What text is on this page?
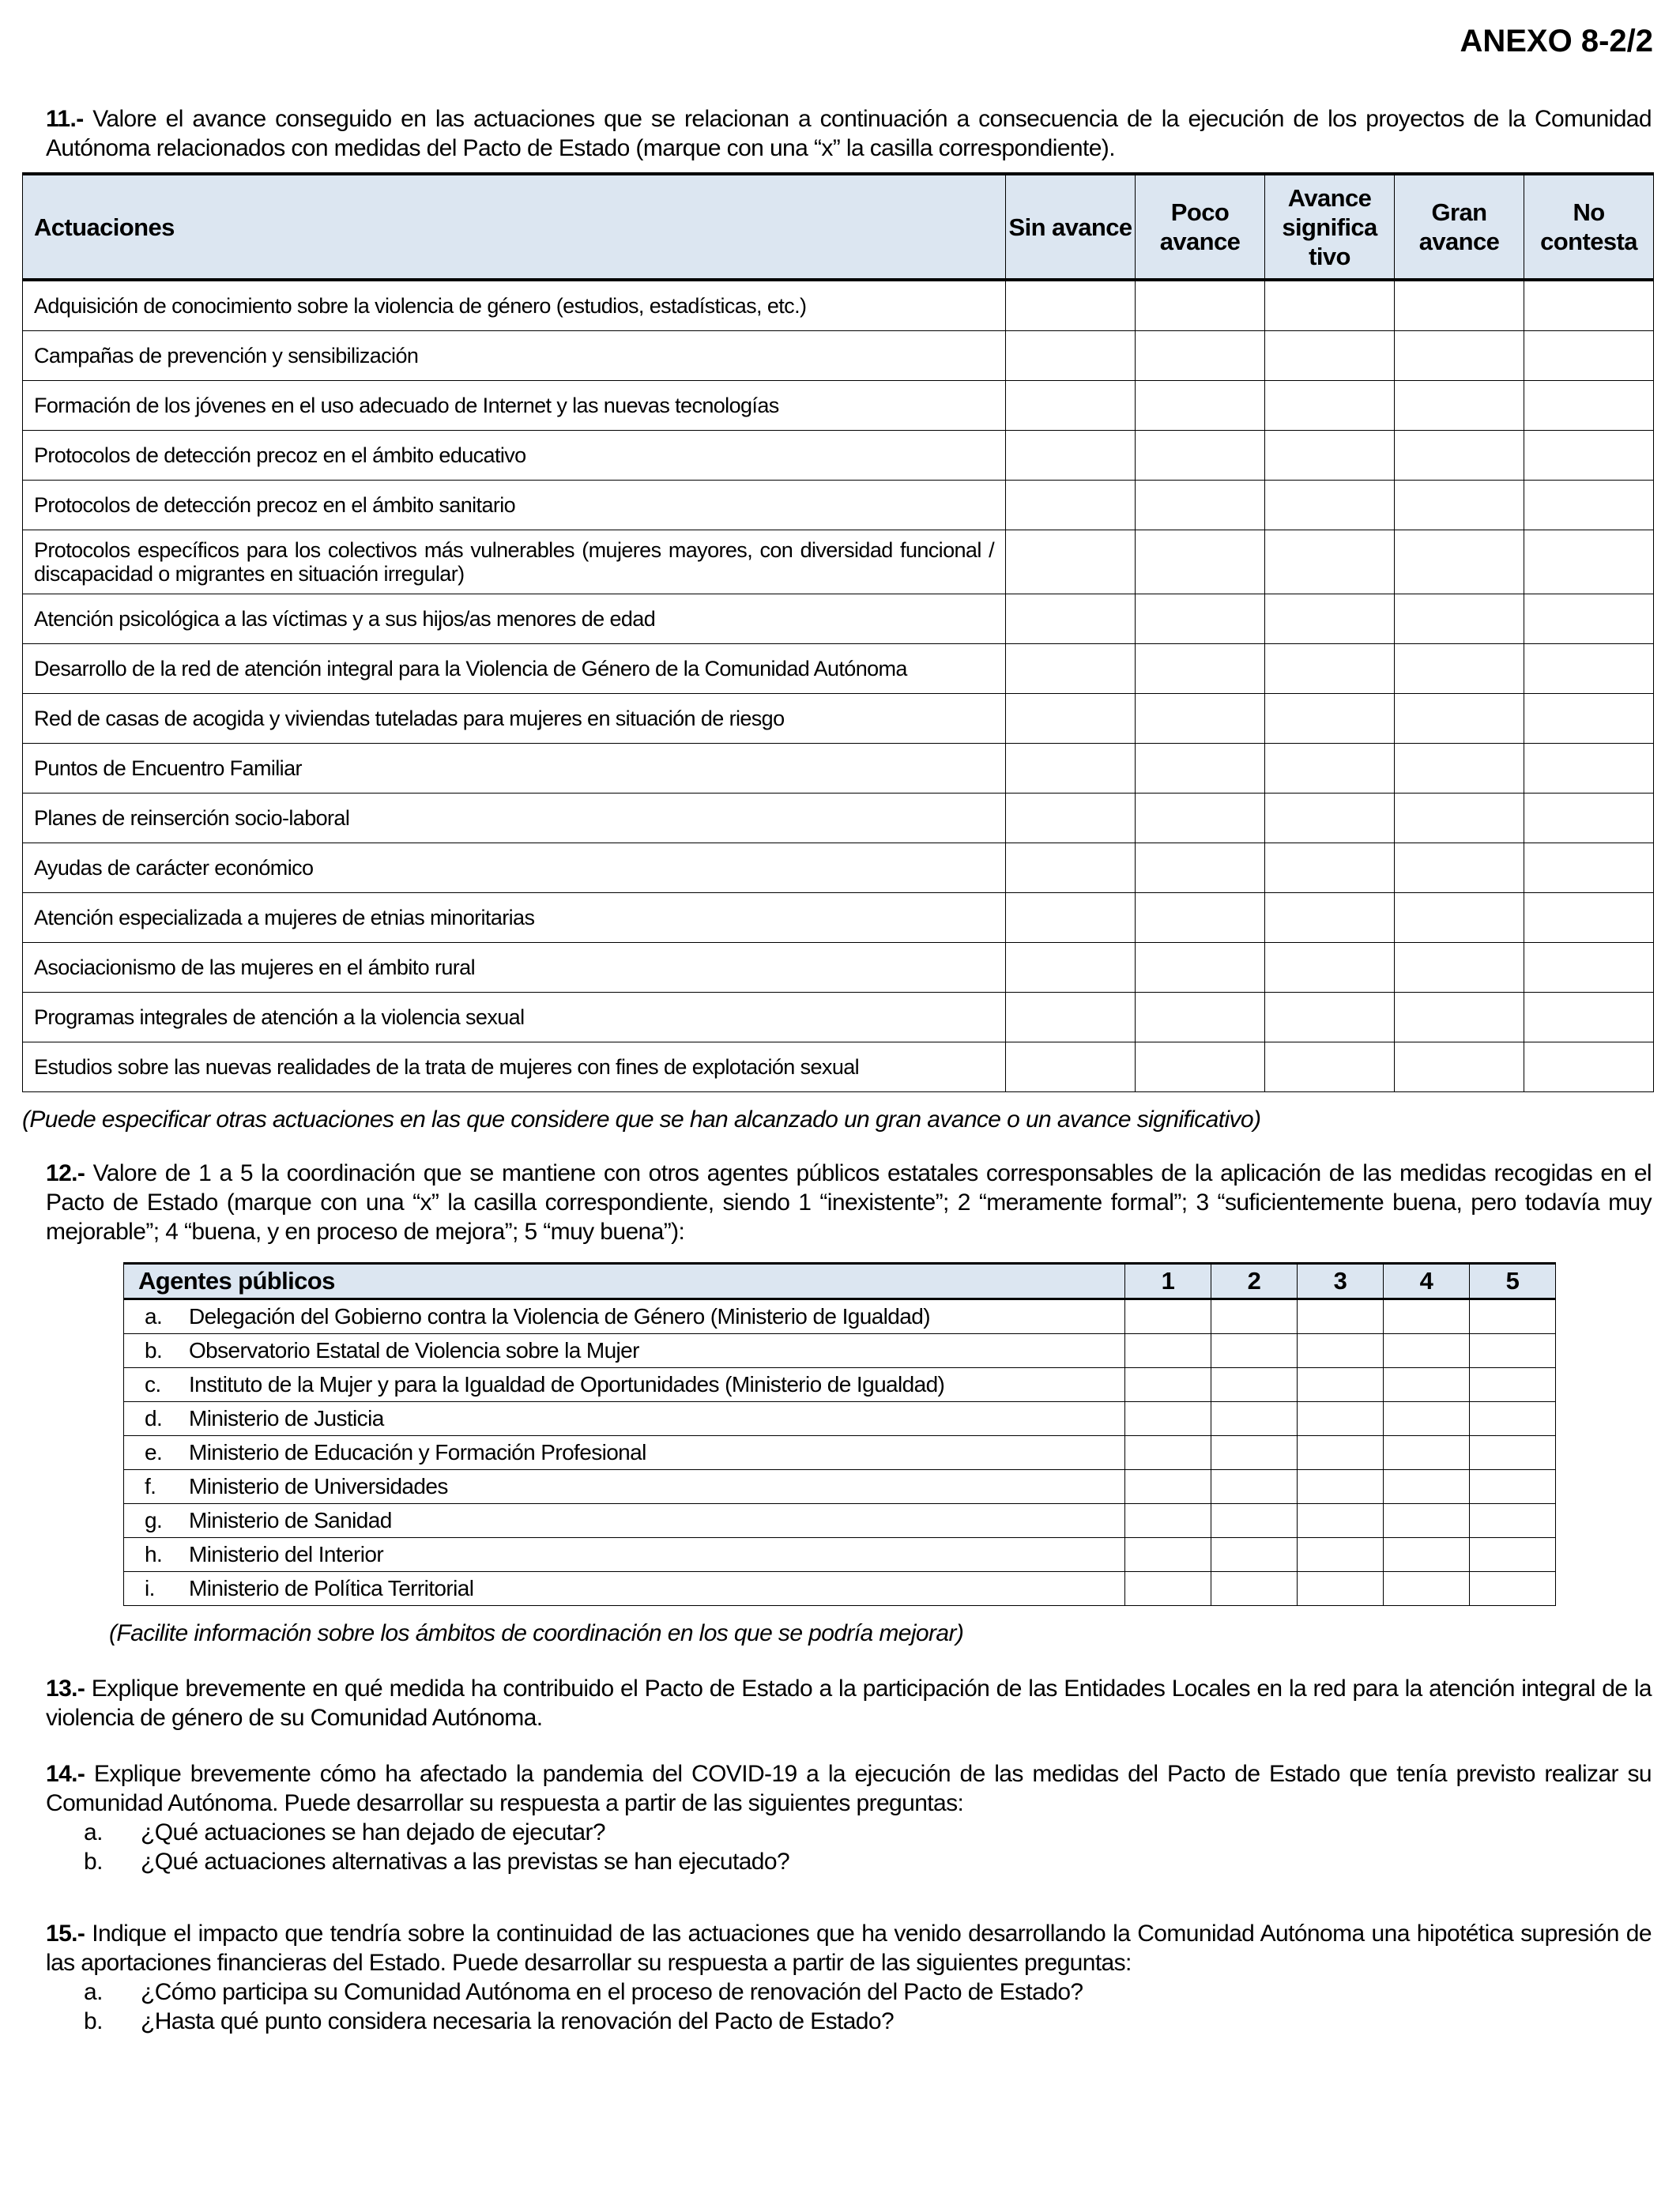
ANEXO 8-2/2
11.- Valore el avance conseguido en las actuaciones que se relacionan a continuación a consecuencia de la ejecución de los proyectos de la Comunidad Autónoma relacionados con medidas del Pacto de Estado (marque con una “x” la casilla correspondiente).
Actuaciones	Sin avance	Poco avance	Avance significa tivo	Gran avance	No contesta
Adquisición de conocimiento sobre la violencia de género (estudios, estadísticas, etc.)					
Campañas de prevención y sensibilización					
Formación de los jóvenes en el uso adecuado de Internet y las nuevas tecnologías					
Protocolos de detección precoz en el ámbito educativo					
Protocolos de detección precoz en el ámbito sanitario					
Protocolos específicos para los colectivos más vulnerables (mujeres mayores, con diversidad funcional / discapacidad o migrantes en situación irregular)					
Atención psicológica a las víctimas y a sus hijos/as menores de edad					
Desarrollo de la red de atención integral para la Violencia de Género de la Comunidad Autónoma					
Red de casas de acogida y viviendas tuteladas para mujeres en situación de riesgo					
Puntos de Encuentro Familiar					
Planes de reinserción socio-laboral					
Ayudas de carácter económico					
Atención especializada a mujeres de etnias minoritarias					
Asociacionismo de las mujeres en el ámbito rural					
Programas integrales de atención a la violencia sexual					
Estudios sobre las nuevas realidades de la trata de mujeres con fines de explotación sexual					
(Puede especificar otras actuaciones en las que considere que se han alcanzado un gran avance o un avance significativo)
12.- Valore de 1 a 5 la coordinación que se mantiene con otros agentes públicos estatales corresponsables de la aplicación de las medidas recogidas en el Pacto de Estado (marque con una “x” la casilla correspondiente, siendo 1 “inexistente”; 2 “meramente formal”; 3 “suficientemente buena, pero todavía muy mejorable”; 4 “buena, y en proceso de mejora”; 5 “muy buena”):
Agentes públicos	1	2	3	4	5
a. Delegación del Gobierno contra la Violencia de Género (Ministerio de Igualdad)					
b. Observatorio Estatal de Violencia sobre la Mujer					
c. Instituto de la Mujer y para la Igualdad de Oportunidades (Ministerio de Igualdad)					
d. Ministerio de Justicia					
e. Ministerio de Educación y Formación Profesional					
f. Ministerio de Universidades					
g. Ministerio de Sanidad					
h. Ministerio del Interior					
i. Ministerio de Política Territorial					
(Facilite información sobre los ámbitos de coordinación en los que se podría mejorar)
13.- Explique brevemente en qué medida ha contribuido el Pacto de Estado a la participación de las Entidades Locales en la red para la atención integral de la violencia de género de su Comunidad Autónoma.
14.- Explique brevemente cómo ha afectado la pandemia del COVID-19 a la ejecución de las medidas del Pacto de Estado que tenía previsto realizar su Comunidad Autónoma. Puede desarrollar su respuesta a partir de las siguientes preguntas:
a.	¿Qué actuaciones se han dejado de ejecutar?
b.	¿Qué actuaciones alternativas a las previstas se han ejecutado?
15.- Indique el impacto que tendría sobre la continuidad de las actuaciones que ha venido desarrollando la Comunidad Autónoma una hipotética supresión de las aportaciones financieras del Estado. Puede desarrollar su respuesta a partir de las siguientes preguntas:
a.	¿Cómo participa su Comunidad Autónoma en el proceso de renovación del Pacto de Estado?
b.	¿Hasta qué punto considera necesaria la renovación del Pacto de Estado?
